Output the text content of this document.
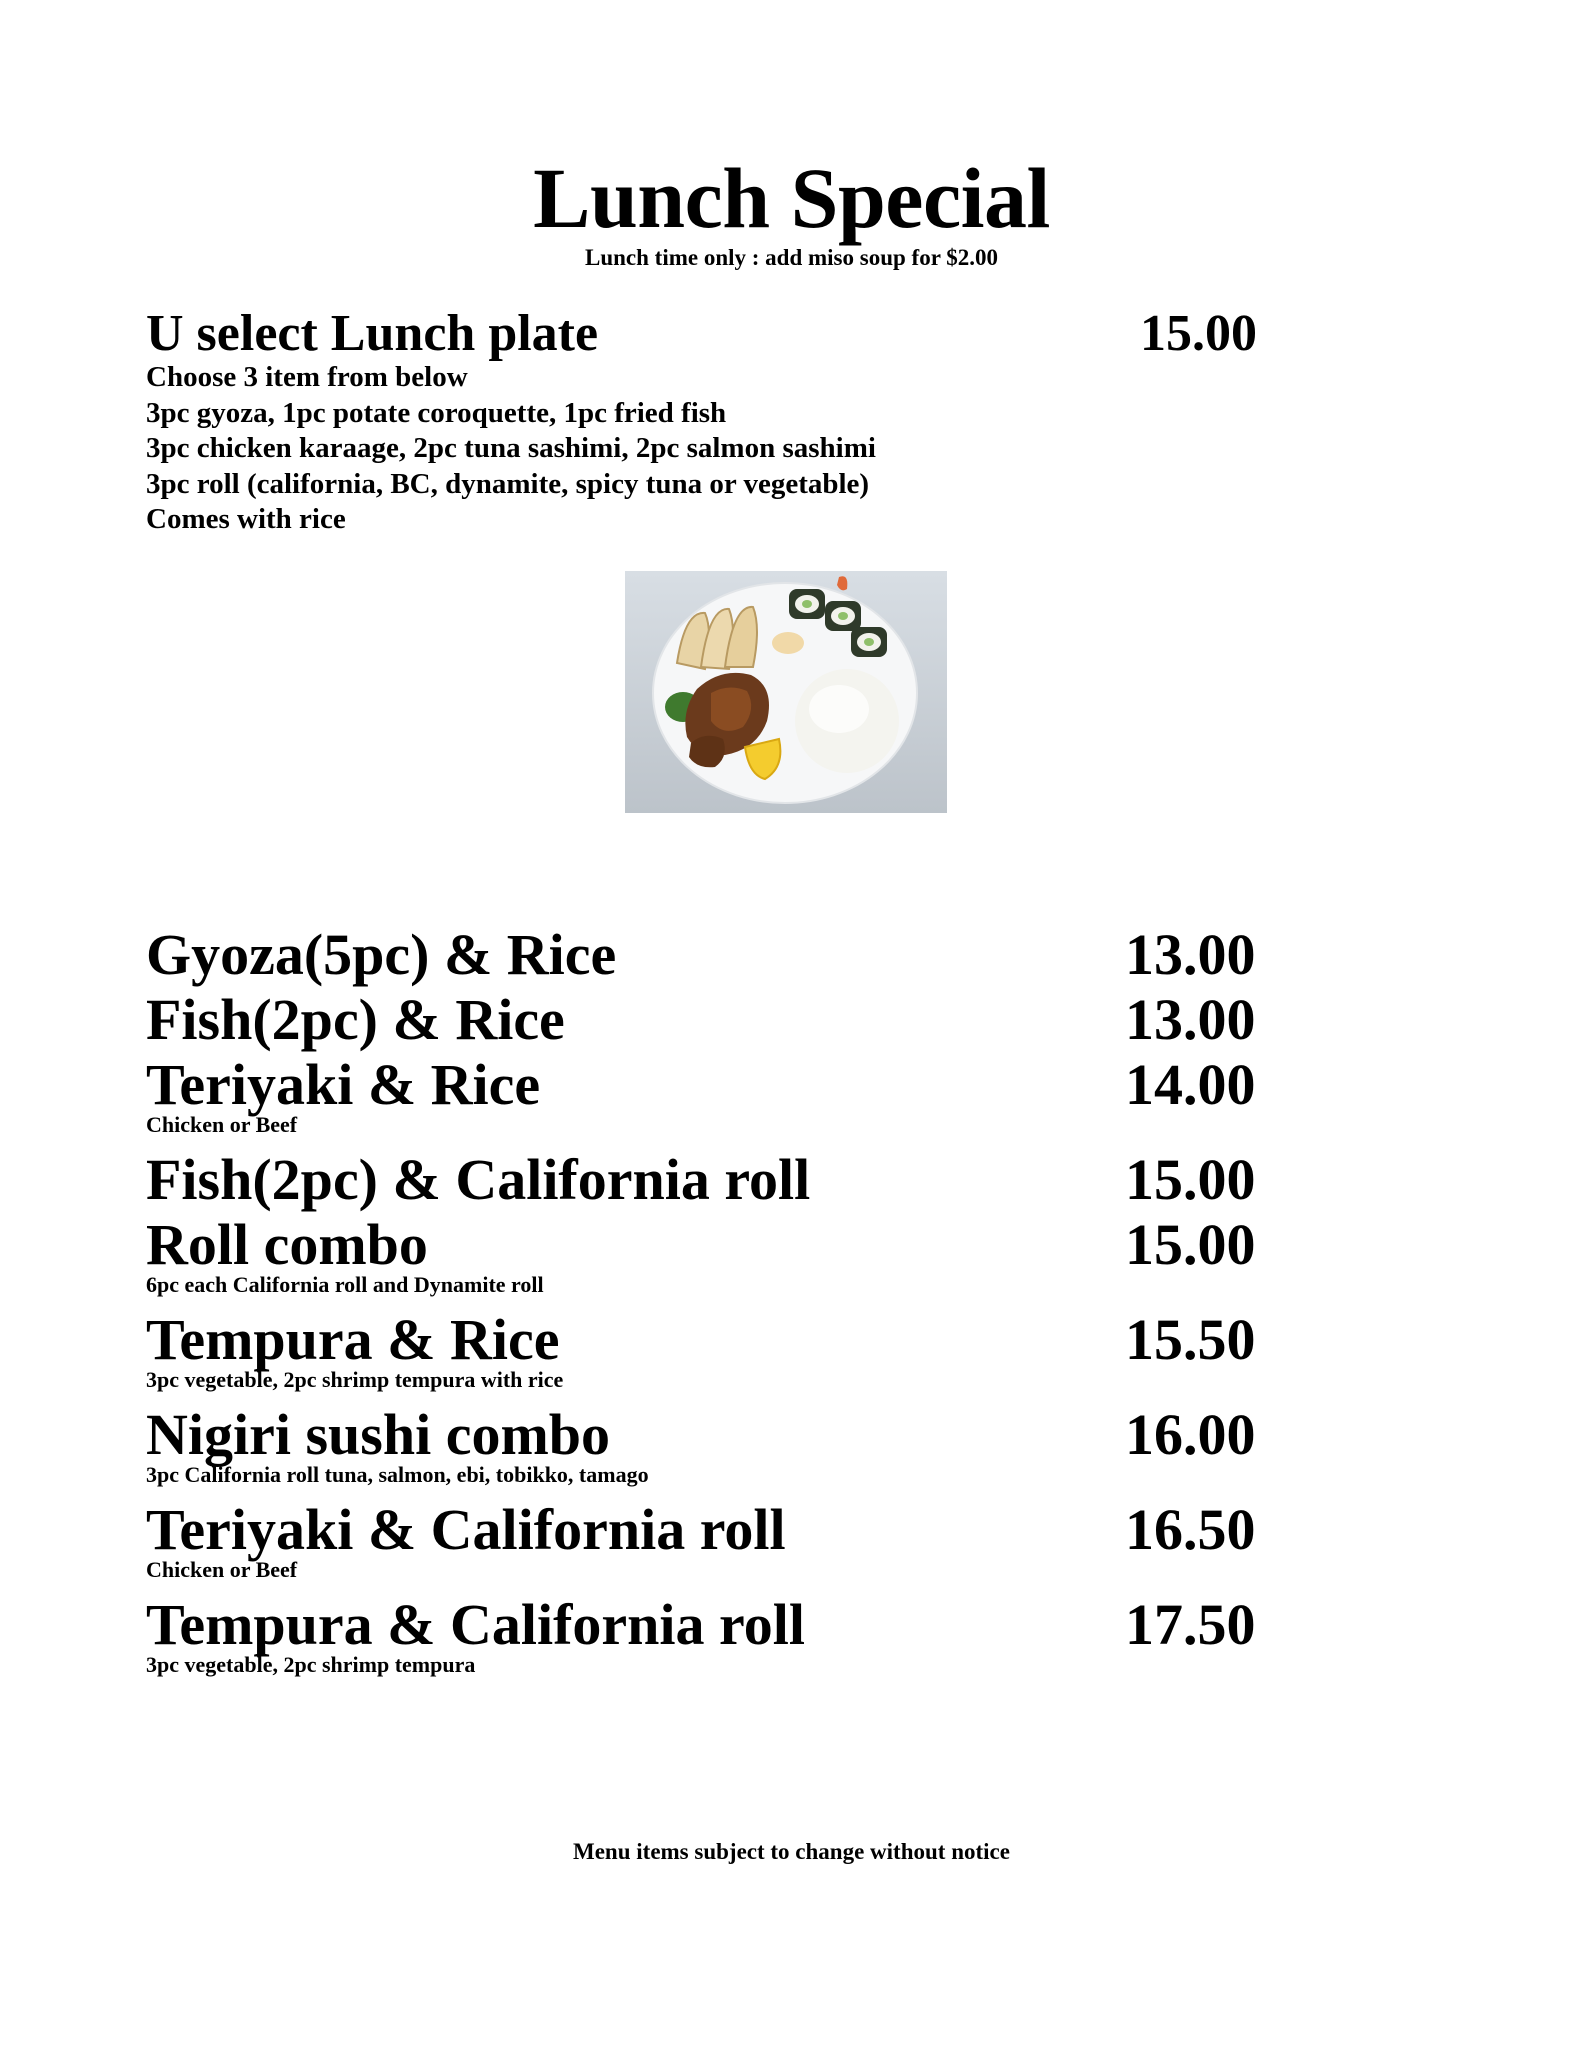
Lunch Special
Lunch time only : add miso soup for $2.00
U select Lunch plate	15.00
Choose 3 item from below
3pc gyoza, 1pc potate coroquette, 1pc fried fish
3pc chicken karaage, 2pc tuna sashimi, 2pc salmon sashimi
3pc roll (california, BC, dynamite, spicy tuna or vegetable)
Comes with rice
Gyoza(5pc) & Rice	13.00
Fish(2pc) & Rice	13.00
Teriyaki & Rice	14.00
Chicken or Beef
Fish(2pc) & California roll	15.00
Roll combo	15.00
6pc each California roll and Dynamite roll
Tempura & Rice	15.50
3pc vegetable, 2pc shrimp tempura with rice
Nigiri sushi combo	16.00
3pc California roll tuna, salmon, ebi, tobikko, tamago
Teriyaki & California roll	16.50
Chicken or Beef
Tempura & California roll	17.50
3pc vegetable, 2pc shrimp tempura
Menu items subject to change without notice
